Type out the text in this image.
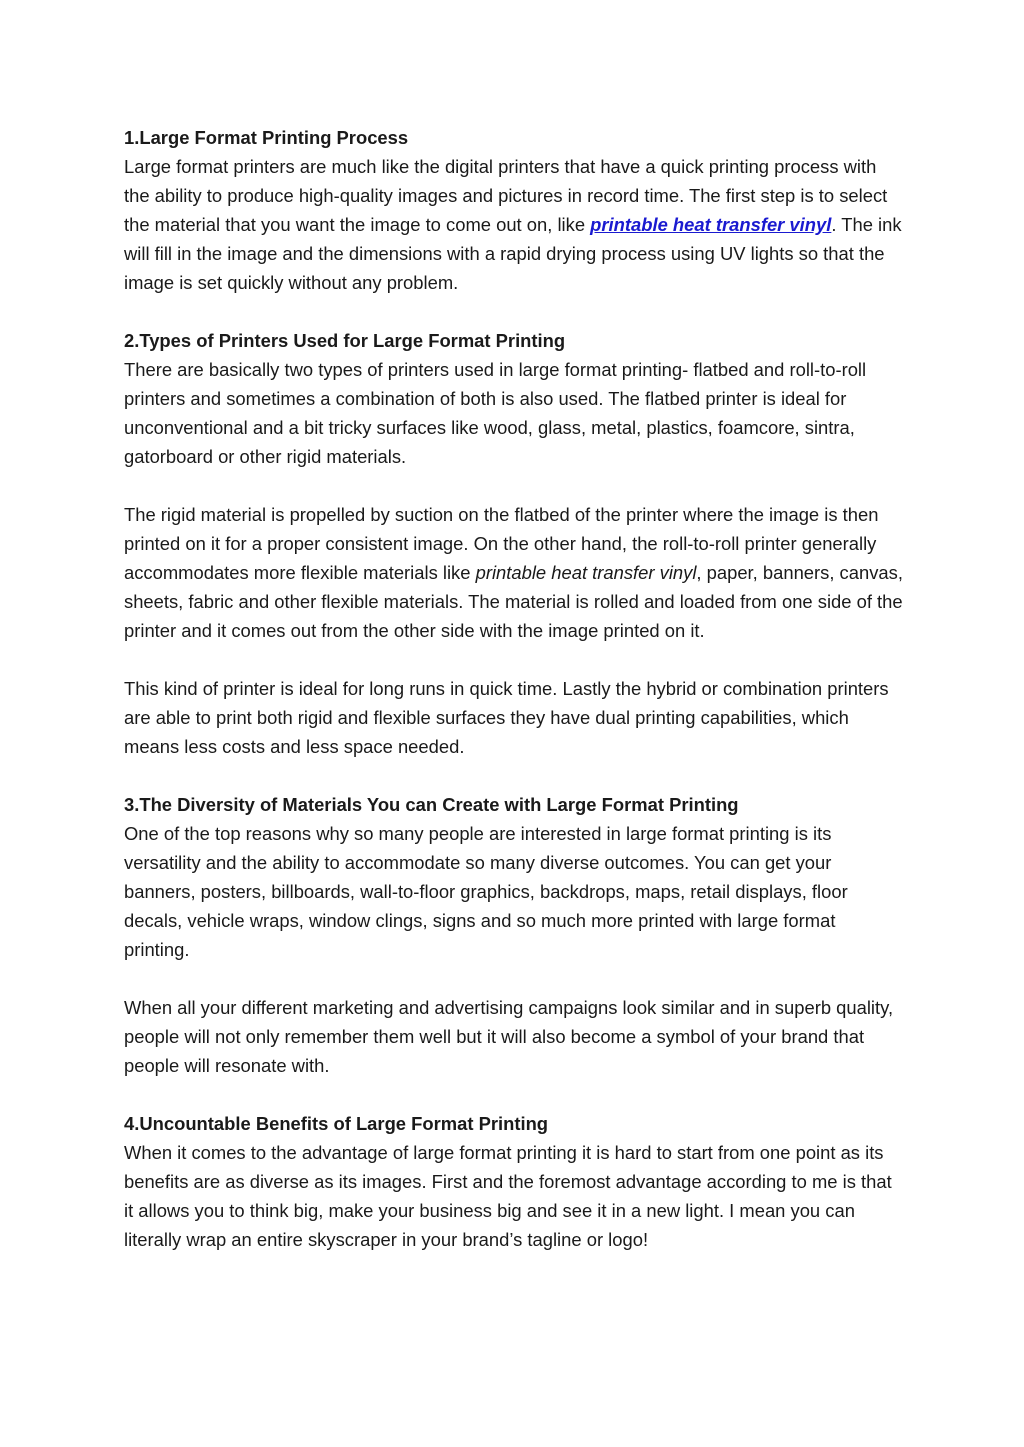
1.Large Format Printing Process

Large format printers are much like the digital printers that have a quick printing process with the ability to produce high-quality images and pictures in record time. The first step is to select the material that you want the image to come out on, like printable heat transfer vinyl. The ink will fill in the image and the dimensions with a rapid drying process using UV lights so that the image is set quickly without any problem.

2.Types of Printers Used for Large Format Printing

There are basically two types of printers used in large format printing- flatbed and roll-to-roll printers and sometimes a combination of both is also used. The flatbed printer is ideal for unconventional and a bit tricky surfaces like wood, glass, metal, plastics, foamcore, sintra, gatorboard or other rigid materials.

The rigid material is propelled by suction on the flatbed of the printer where the image is then printed on it for a proper consistent image. On the other hand, the roll-to-roll printer generally accommodates more flexible materials like printable heat transfer vinyl, paper, banners, canvas, sheets, fabric and other flexible materials. The material is rolled and loaded from one side of the printer and it comes out from the other side with the image printed on it.

This kind of printer is ideal for long runs in quick time. Lastly the hybrid or combination printers are able to print both rigid and flexible surfaces they have dual printing capabilities, which means less costs and less space needed.

3.The Diversity of Materials You can Create with Large Format Printing

One of the top reasons why so many people are interested in large format printing is its versatility and the ability to accommodate so many diverse outcomes. You can get your banners, posters, billboards, wall-to-floor graphics, backdrops, maps, retail displays, floor decals, vehicle wraps, window clings, signs and so much more printed with large format printing.

When all your different marketing and advertising campaigns look similar and in superb quality, people will not only remember them well but it will also become a symbol of your brand that people will resonate with.

4.Uncountable Benefits of Large Format Printing

When it comes to the advantage of large format printing it is hard to start from one point as its benefits are as diverse as its images. First and the foremost advantage according to me is that it allows you to think big, make your business big and see it in a new light. I mean you can literally wrap an entire skyscraper in your brand’s tagline or logo!
